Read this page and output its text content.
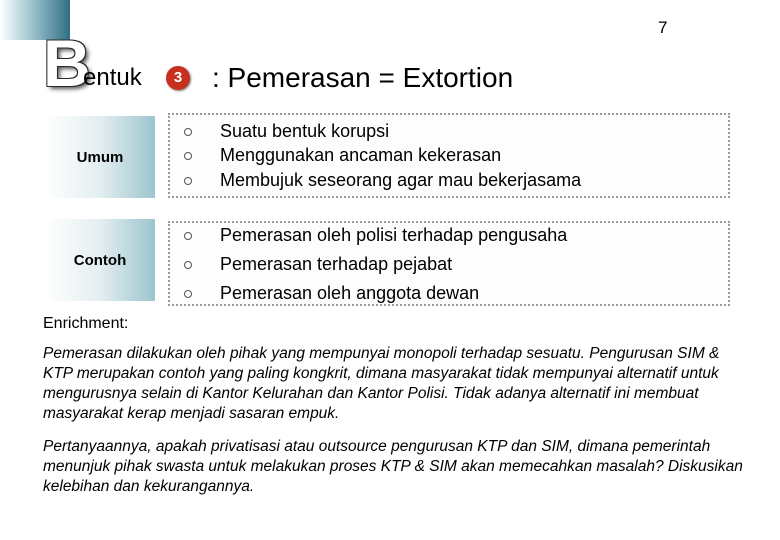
7
B
entuk	3 : Pemerasan = Extortion
Umum
Contoh
Suatu bentuk korupsi
Menggunakan ancaman kekerasan
Membujuk seseorang agar mau bekerjasama
Pemerasan oleh polisi terhadap pengusaha
Pemerasan terhadap pejabat
Pemerasan oleh anggota dewan
Enrichment:
Pemerasan dilakukan oleh pihak yang mempunyai monopoli terhadap sesuatu. Pengurusan SIM & KTP merupakan contoh yang paling kongkrit, dimana masyarakat tidak mempunyai alternatif untuk mengurusnya selain di Kantor Kelurahan dan Kantor Polisi. Tidak adanya alternatif ini membuat masyarakat kerap menjadi sasaran empuk.
Pertanyaannya, apakah privatisasi atau outsource pengurusan KTP dan SIM, dimana pemerintah menunjuk pihak swasta untuk melakukan proses KTP & SIM akan memecahkan masalah? Diskusikan kelebihan dan kekurangannya.
